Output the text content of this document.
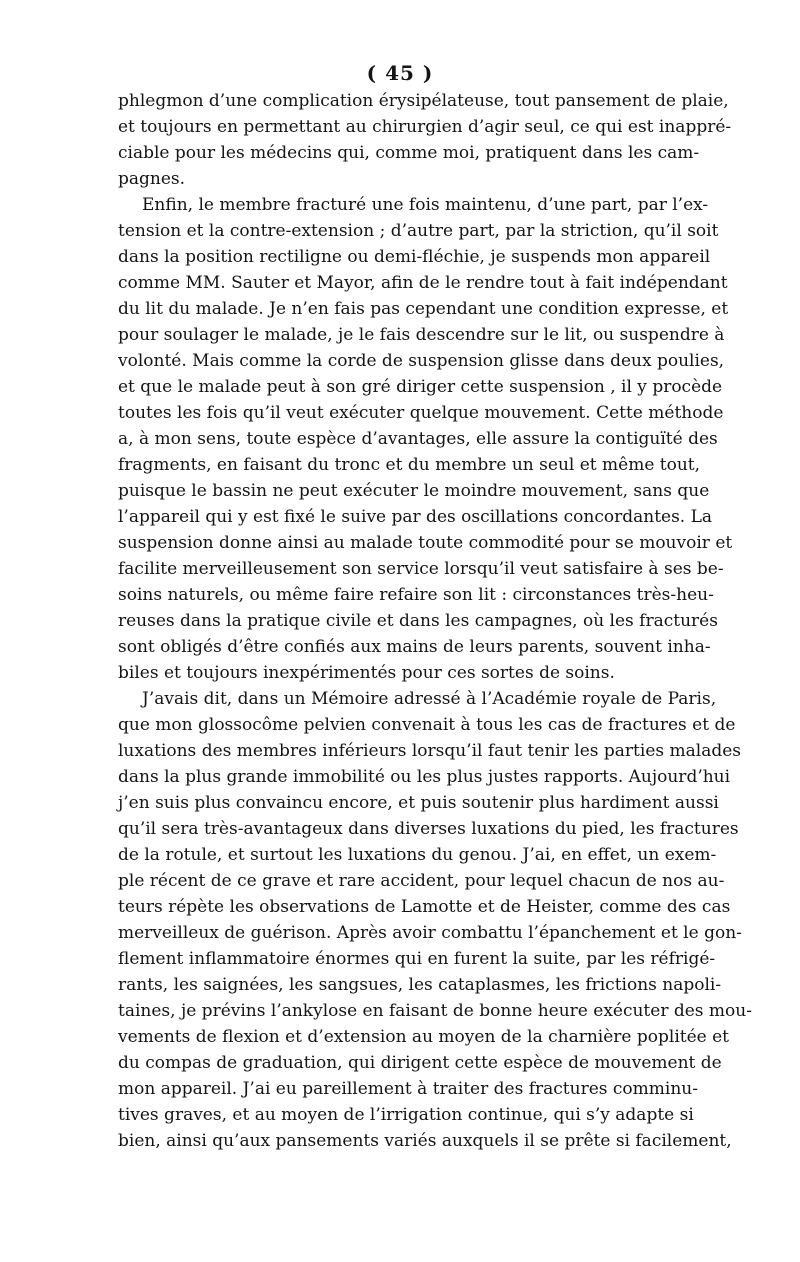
( 45 )
phlegmon d’une complication érysipélateuse, tout pansement de plaie,
et toujours en permettant au chirurgien d’agir seul, ce qui est inappré-
ciable pour les médecins qui, comme moi, pratiquent dans les cam-
pagnes.
Enfin, le membre fracturé une fois maintenu, d’une part, par l’ex-
tension et la contre-extension ; d’autre part, par la striction, qu’il soit
dans la position rectiligne ou demi-fléchie, je suspends mon appareil
comme MM. Sauter et Mayor, afin de le rendre tout à fait indépendant
du lit du malade. Je n’en fais pas cependant une condition expresse, et
pour soulager le malade, je le fais descendre sur le lit, ou suspendre à
volonté. Mais comme la corde de suspension glisse dans deux poulies,
et que le malade peut à son gré diriger cette suspension , il y procède
toutes les fois qu’il veut exécuter quelque mouvement. Cette méthode
a, à mon sens, toute espèce d’avantages, elle assure la contiguïté des
fragments, en faisant du tronc et du membre un seul et même tout,
puisque le bassin ne peut exécuter le moindre mouvement, sans que
l’appareil qui y est fixé le suive par des oscillations concordantes. La
suspension donne ainsi au malade toute commodité pour se mouvoir et
facilite merveilleusement son service lorsqu’il veut satisfaire à ses be-
soins naturels, ou même faire refaire son lit : circonstances très-heu-
reuses dans la pratique civile et dans les campagnes, où les fracturés
sont obligés d’être confiés aux mains de leurs parents, souvent inha-
biles et toujours inexpérimentés pour ces sortes de soins.
J’avais dit, dans un Mémoire adressé à l’Académie royale de Paris,
que mon glossocôme pelvien convenait à tous les cas de fractures et de
luxations des membres inférieurs lorsqu’il faut tenir les parties malades
dans la plus grande immobilité ou les plus justes rapports. Aujourd’hui
j’en suis plus convaincu encore, et puis soutenir plus hardiment aussi
qu’il sera très-avantageux dans diverses luxations du pied, les fractures
de la rotule, et surtout les luxations du genou. J’ai, en effet, un exem-
ple récent de ce grave et rare accident, pour lequel chacun de nos au-
teurs répète les observations de Lamotte et de Heister, comme des cas
merveilleux de guérison. Après avoir combattu l’épanchement et le gon-
flement inflammatoire énormes qui en furent la suite, par les réfrigé-
rants, les saignées, les sangsues, les cataplasmes, les frictions napoli-
taines, je prévins l’ankylose en faisant de bonne heure exécuter des mou-
vements de flexion et d’extension au moyen de la charnière poplitée et
du compas de graduation, qui dirigent cette espèce de mouvement de
mon appareil. J’ai eu pareillement à traiter des fractures comminu-
tives graves, et au moyen de l’irrigation continue, qui s’y adapte si
bien, ainsi qu’aux pansements variés auxquels il se prête si facilement,
